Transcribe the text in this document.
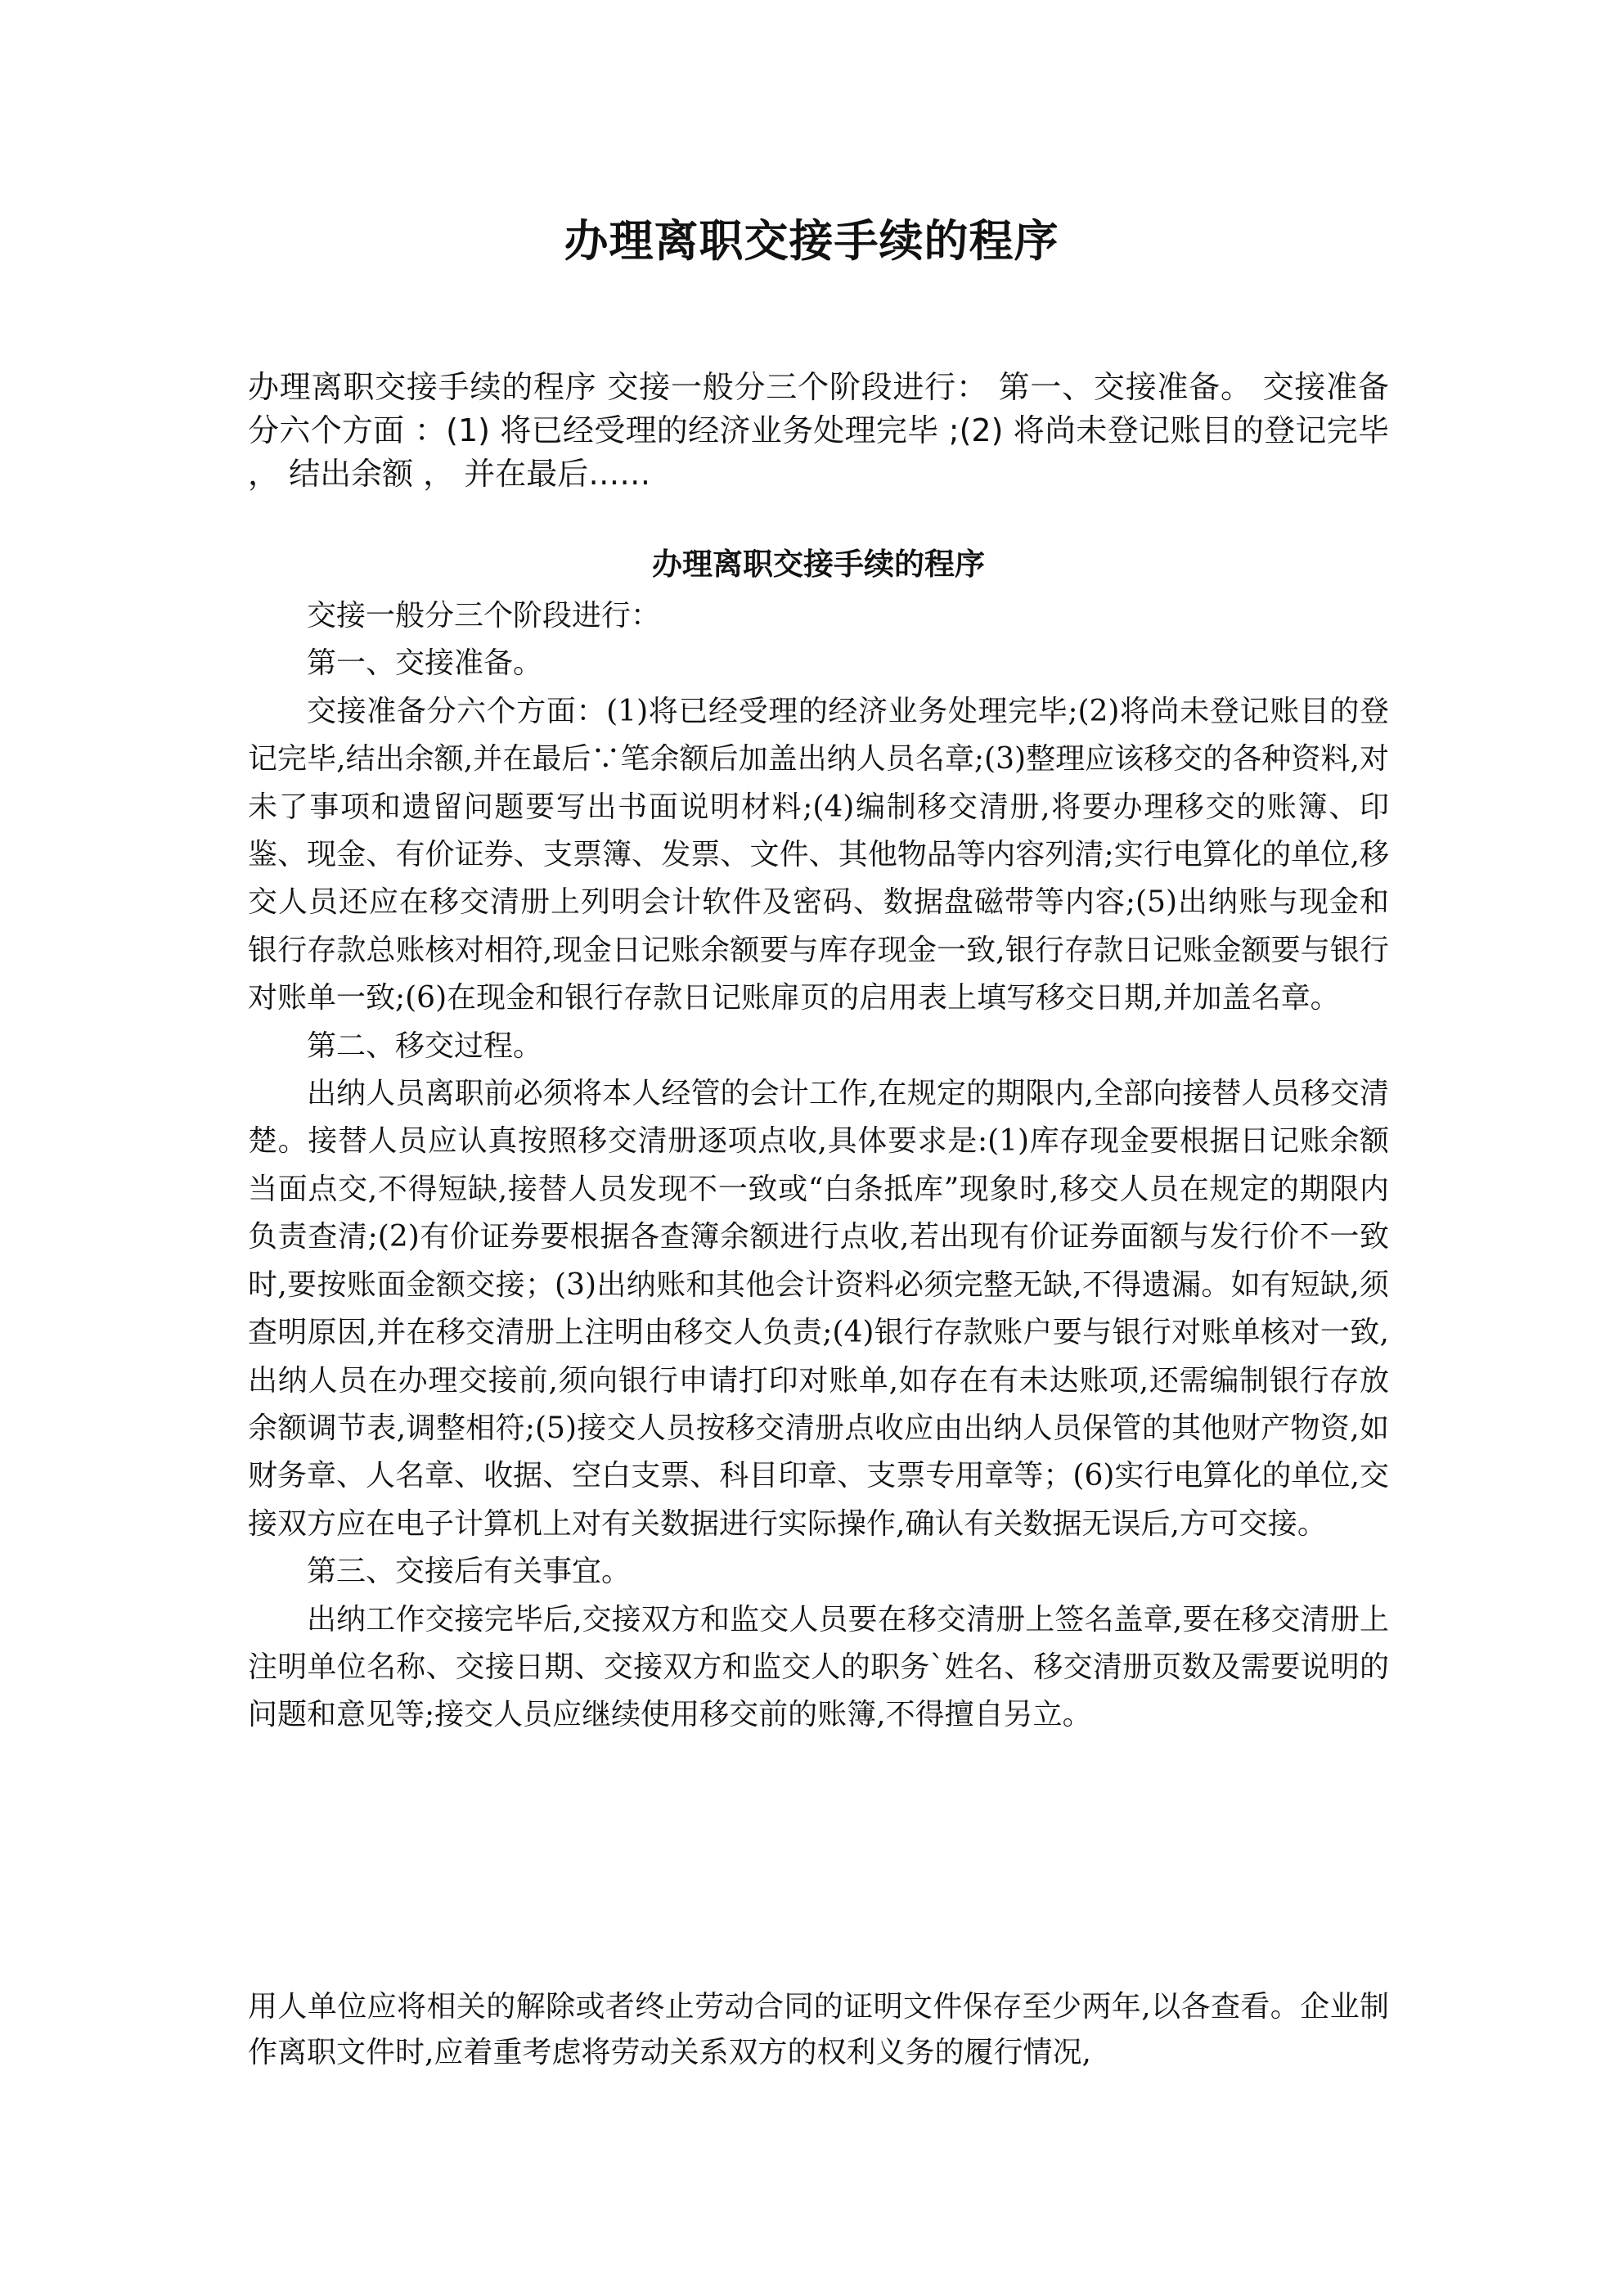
办理离职交接手续的程序

办理离职交接手续的程序 交接一般分三个阶段进行： 第一、交接准备。 交接准备分六个方面 ：(1) 将已经受理的经济业务处理完毕 ;(2) 将尚未登记账目的登记完毕 ， 结出余额 ， 并在最后……

办理离职交接手续的程序

交接一般分三个阶段进行：

第一、交接准备。

交接准备分六个方面：(1)将已经受理的经济业务处理完毕;(2)将尚未登记账目的登记完毕,结出余额,并在最后∵笔余额后加盖出纳人员名章;(3)整理应该移交的各种资料,对未了事项和遗留问题要写出书面说明材料;(4)编制移交清册,将要办理移交的账簿、印鉴、现金、有价证券、支票簿、发票、文件、其他物品等内容列清;实行电算化的单位,移交人员还应在移交清册上列明会计软件及密码、数据盘磁带等内容;(5)出纳账与现金和银行存款总账核对相符,现金日记账余额要与库存现金一致,银行存款日记账金额要与银行对账单一致;(6)在现金和银行存款日记账扉页的启用表上填写移交日期,并加盖名章。

第二、移交过程。

出纳人员离职前必须将本人经管的会计工作,在规定的期限内,全部向接替人员移交清楚。接替人员应认真按照移交清册逐项点收,具体要求是:(1)库存现金要根据日记账余额当面点交,不得短缺,接替人员发现不一致或“白条抵库”现象时,移交人员在规定的期限内负责查清;(2)有价证券要根据各查簿余额进行点收,若出现有价证券面额与发行价不一致时,要按账面金额交接；(3)出纳账和其他会计资料必须完整无缺,不得遗漏。如有短缺,须查明原因,并在移交清册上注明由移交人负责;(4)银行存款账户要与银行对账单核对一致,出纳人员在办理交接前,须向银行申请打印对账单,如存在有未达账项,还需编制银行存放余额调节表,调整相符;(5)接交人员按移交清册点收应由出纳人员保管的其他财产物资,如财务章、人名章、收据、空白支票、科目印章、支票专用章等；(6)实行电算化的单位,交接双方应在电子计算机上对有关数据进行实际操作,确认有关数据无误后,方可交接。

第三、交接后有关事宜。

出纳工作交接完毕后,交接双方和监交人员要在移交清册上签名盖章,要在移交清册上注明单位名称、交接日期、交接双方和监交人的职务`姓名、移交清册页数及需要说明的问题和意见等;接交人员应继续使用移交前的账簿,不得擅自另立。

用人单位应将相关的解除或者终止劳动合同的证明文件保存至少两年,以各查看。企业制作离职文件时,应着重考虑将劳动关系双方的权利义务的履行情况,
